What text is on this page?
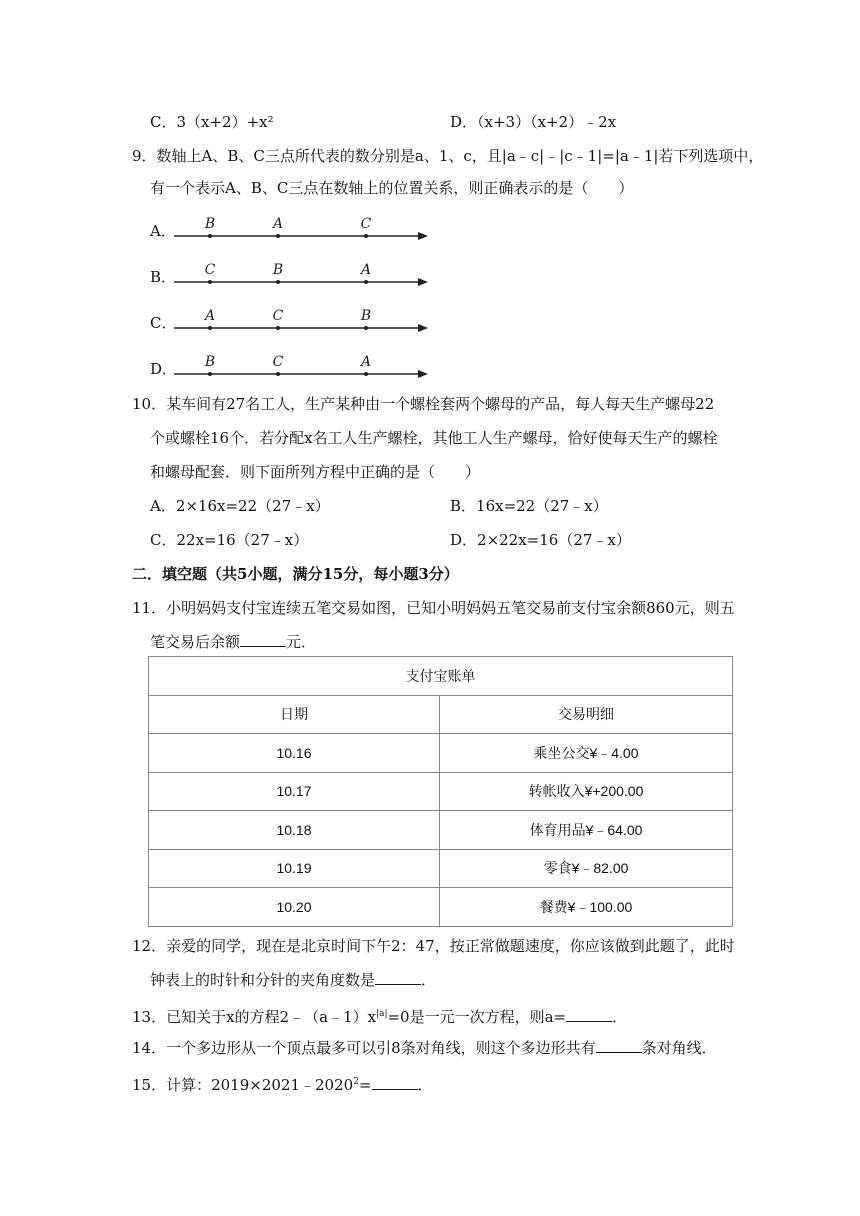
C．3（x+2）+x²	D．（x+3）（x+2）﹣2x
9．数轴上A、B、C三点所代表的数分别是a、1、c，且|a﹣c|﹣|c﹣1|=|a﹣1|若下列选项中，
有一个表示A、B、C三点在数轴上的位置关系，则正确表示的是（　　）
A． B	A	C
B． C	B	A
C． A	C	B
D． B	C	A
10．某车间有27名工人，生产某种由一个螺栓套两个螺母的产品，每人每天生产螺母22
个或螺栓16个．若分配x名工人生产螺栓，其他工人生产螺母，恰好使每天生产的螺栓
和螺母配套．则下面所列方程中正确的是（　　）
A．2×16x=22（27﹣x）	B．16x=22（27﹣x）
C．22x=16（27﹣x）	D．2×22x=16（27﹣x）
二．填空题（共5小题，满分15分，每小题3分）
11．小明妈妈支付宝连续五笔交易如图，已知小明妈妈五笔交易前支付宝余额860元，则五
笔交易后余额	元．
支付宝账单	
日期	交易明细
10.16	乘坐公交¥﹣4.00
10.17	转帐收入¥+200.00
10.18	体育用品¥﹣64.00
10.19	零食¥﹣82.00
10.20	餐费¥﹣100.00
12．亲爱的同学，现在是北京时间下午2：47，按正常做题速度，你应该做到此题了，此时
钟表上的时针和分针的夹角度数是	．
13．已知关于x的方程$2﹣(a﹣1)x^{|a|}=0$是一元一次方程，则a=	．
14．一个多边形从一个顶点最多可以引8条对角线，则这个多边形共有	条对角线．
15．计算：$2019\times 2021﹣2020^2=$	．
